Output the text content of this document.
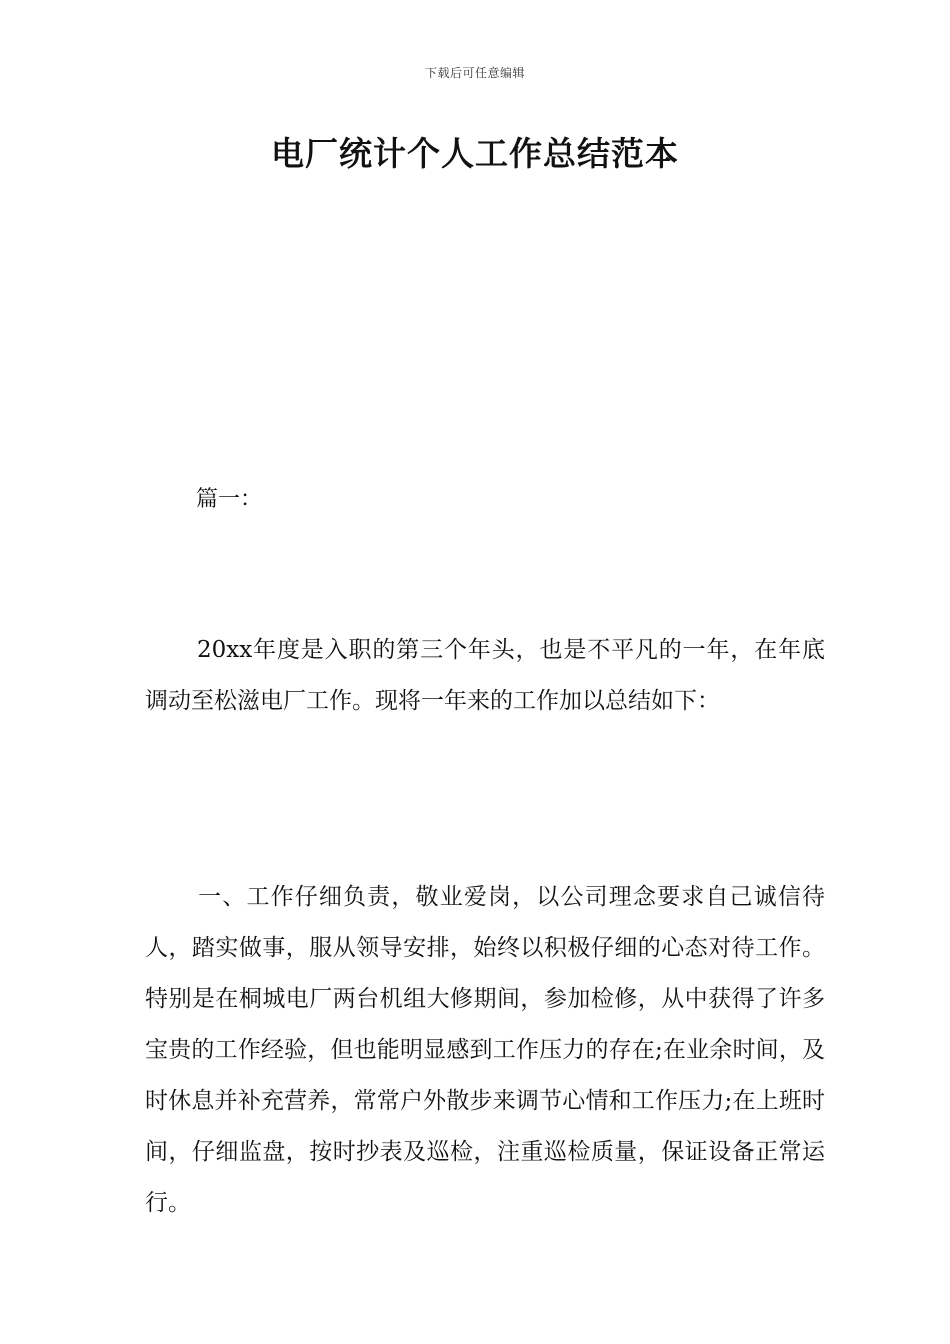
下载后可任意编辑
电厂统计个人工作总结范本
篇一：

20xx年度是入职的第三个年头，也是不平凡的一年，在年底调动至松滋电厂工作。现将一年来的工作加以总结如下：

一、工作仔细负责，敬业爱岗，以公司理念要求自己诚信待人，踏实做事，服从领导安排，始终以积极仔细的心态对待工作。特别是在桐城电厂两台机组大修期间，参加检修，从中获得了许多宝贵的工作经验，但也能明显感到工作压力的存在;在业余时间，及时休息并补充营养，常常户外散步来调节心情和工作压力;在上班时间，仔细监盘，按时抄表及巡检，注重巡检质量，保证设备正常运行。
